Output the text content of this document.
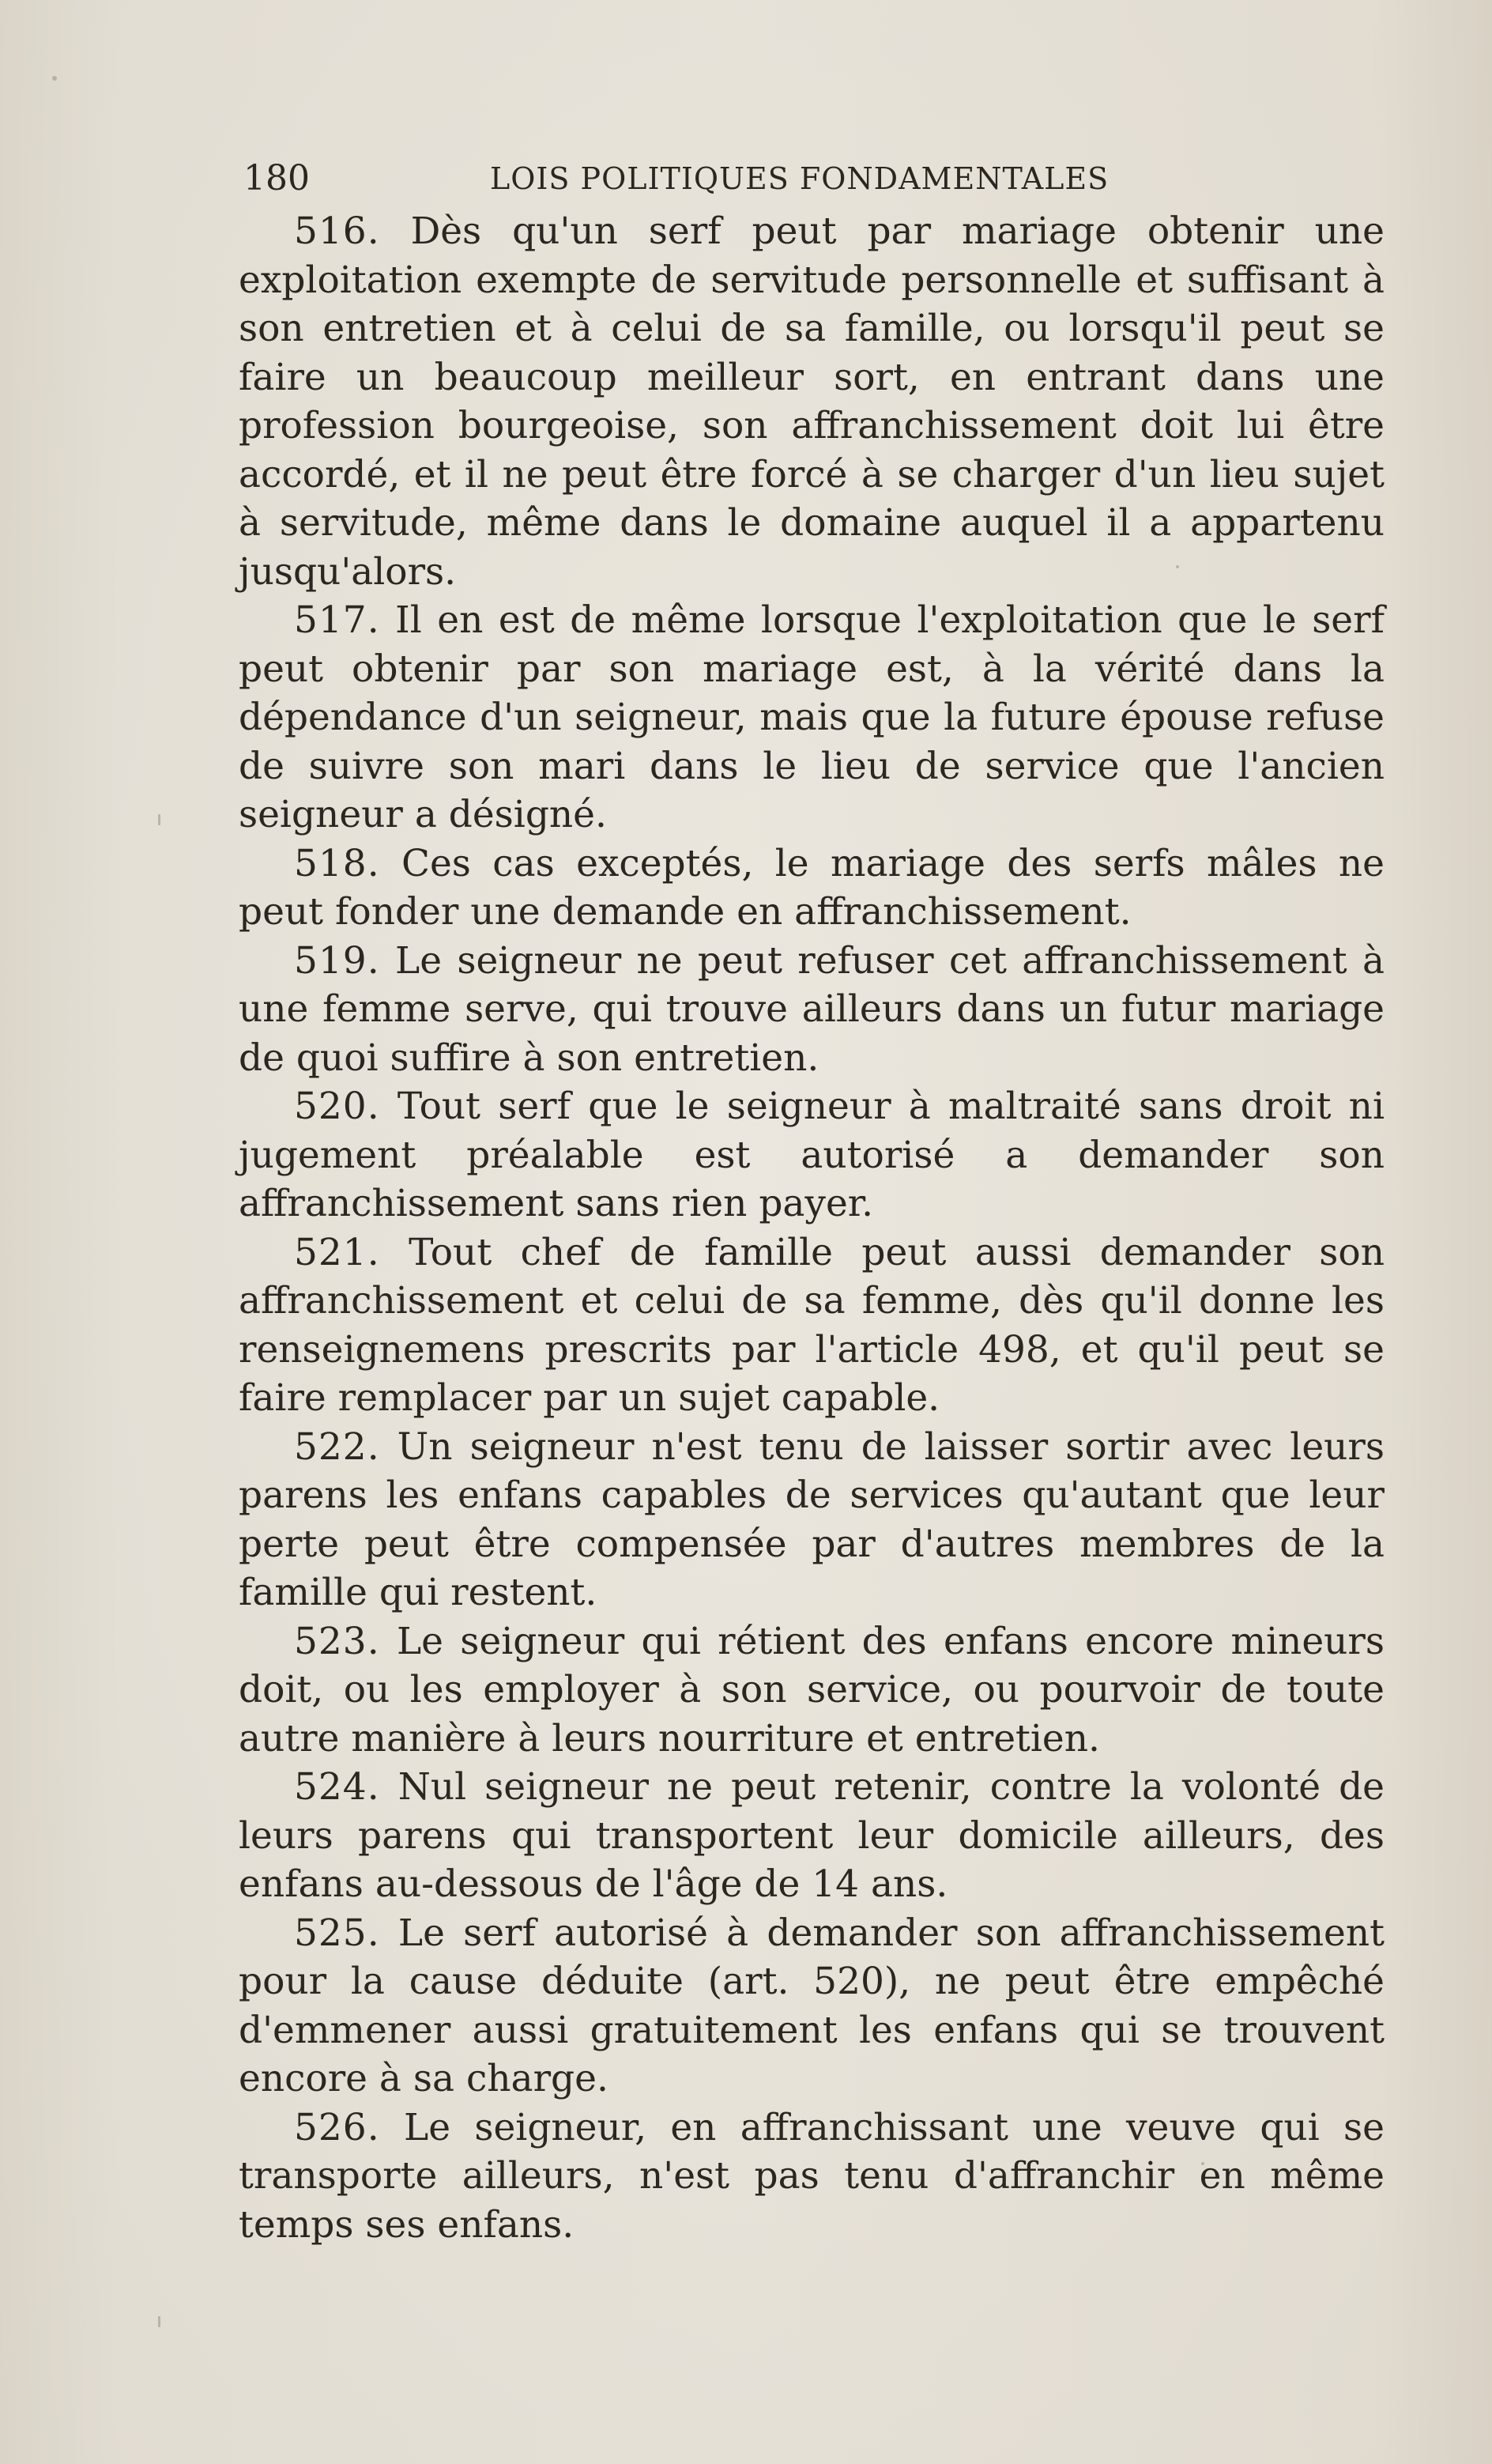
180	LOIS POLITIQUES FONDAMENTALES

516. Dès qu'un serf peut par mariage obtenir une exploitation exempte de servitude personnelle et suffisant à son entretien et à celui de sa famille, ou lorsqu'il peut se faire un beaucoup meilleur sort, en entrant dans une profession bourgeoise, son affranchissement doit lui être accordé, et il ne peut être forcé à se charger d'un lieu sujet à servitude, même dans le domaine auquel il a appartenu jusqu'alors.

517. Il en est de même lorsque l'exploitation que le serf peut obtenir par son mariage est, à la vérité dans la dépendance d'un seigneur, mais que la future épouse refuse de suivre son mari dans le lieu de service que l'ancien seigneur a désigné.

518. Ces cas exceptés, le mariage des serfs mâles ne peut fonder une demande en affranchissement.

519. Le seigneur ne peut refuser cet affranchissement à une femme serve, qui trouve ailleurs dans un futur mariage de quoi suffire à son entretien.

520. Tout serf que le seigneur à maltraité sans droit ni jugement préalable est autorisé a demander son affranchissement sans rien payer.

521. Tout chef de famille peut aussi demander son affranchissement et celui de sa femme, dès qu'il donne les renseignemens prescrits par l'article 498, et qu'il peut se faire remplacer par un sujet capable.

522. Un seigneur n'est tenu de laisser sortir avec leurs parens les enfans capables de services qu'autant que leur perte peut être compensée par d'autres membres de la famille qui restent.

523. Le seigneur qui rétient des enfans encore mineurs doit, ou les employer à son service, ou pourvoir de toute autre manière à leurs nourriture et entretien.

524. Nul seigneur ne peut retenir, contre la volonté de leurs parens qui transportent leur domicile ailleurs, des enfans au-dessous de l'âge de 14 ans.

525. Le serf autorisé à demander son affranchissement pour la cause déduite (art. 520), ne peut être empêché d'emmener aussi gratuitement les enfans qui se trouvent encore à sa charge.

526. Le seigneur, en affranchissant une veuve qui se transporte ailleurs, n'est pas tenu d'affranchir en même temps ses enfans.
